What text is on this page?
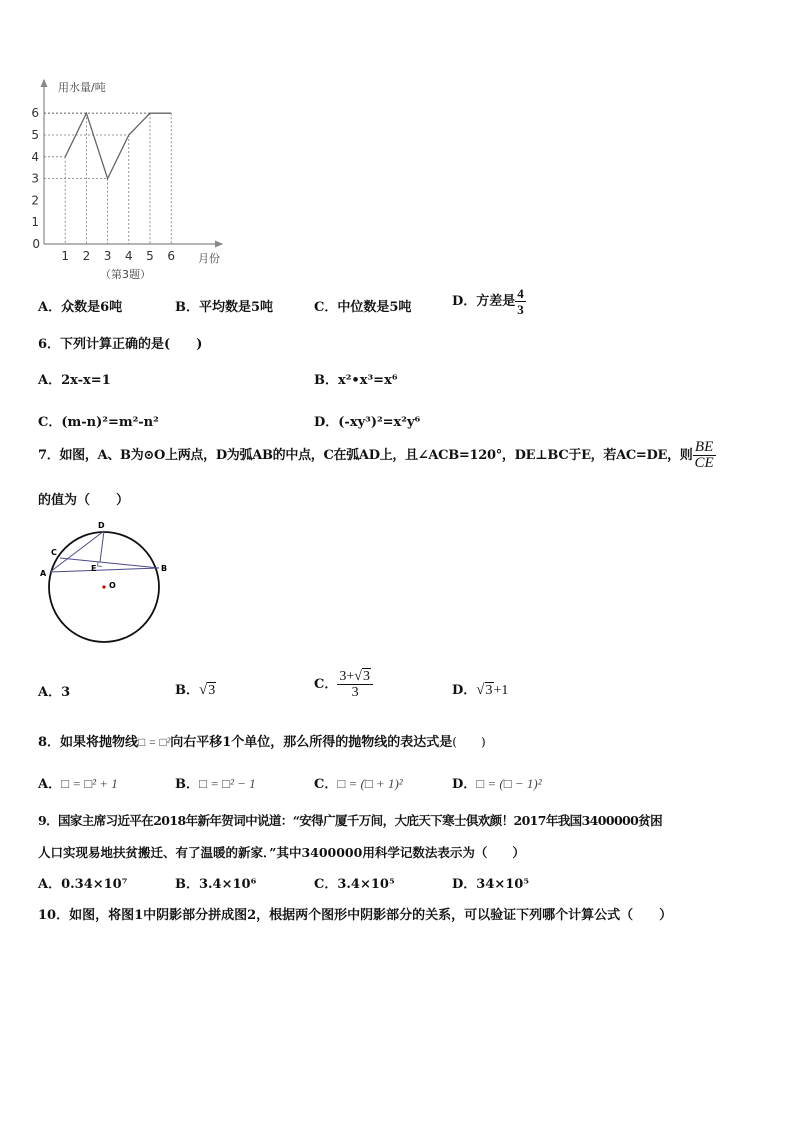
用水量/吨
月份
（第3题）
0
1
2
3
4
5
6
1 2 3 4 5 6
A．众数是6吨	B．平均数是5吨	C．中位数是5吨	D．方差是 $\frac{4}{3}$
6．下列计算正确的是(　　)
A．2x-x=1	B．x²•x³=x⁶
C．(m-n)²=m²-n²	D．(-xy³)²=x²y⁶
7．如图，A、B为⊙O上两点，D为弧AB的中点，C在弧AD上，且∠ACB=120°，DE⊥BC于E，若AC=DE，则 $\frac{BE}{CE}$
的值为（　　）
D
C
A
E	B
O
A．3	B．√3	C． $\frac{3+√3}{3}$	D．√3+1
8．如果将抛物线□ = □²向右平移1个单位，那么所得的抛物线的表达式是(　　)
A．□ = □² + 1	B．□ = □² − 1	C．□ = (□ + 1)²	D．□ = (□ − 1)²
9．国家主席习近平在2018年新年贺词中说道：“安得广厦千万间，大庇天下寒士俱欢颜！2017年我国3400000贫困
人口实现易地扶贫搬迁、有了温暖的新家．”其中3400000用科学记数法表示为（　　）
A．0.34×10⁷	B．3.4×10⁶	C．3.4×10⁵	D．34×10⁵
10．如图，将图1中阴影部分拼成图2，根据两个图形中阴影部分的关系，可以验证下列哪个计算公式（　　）
